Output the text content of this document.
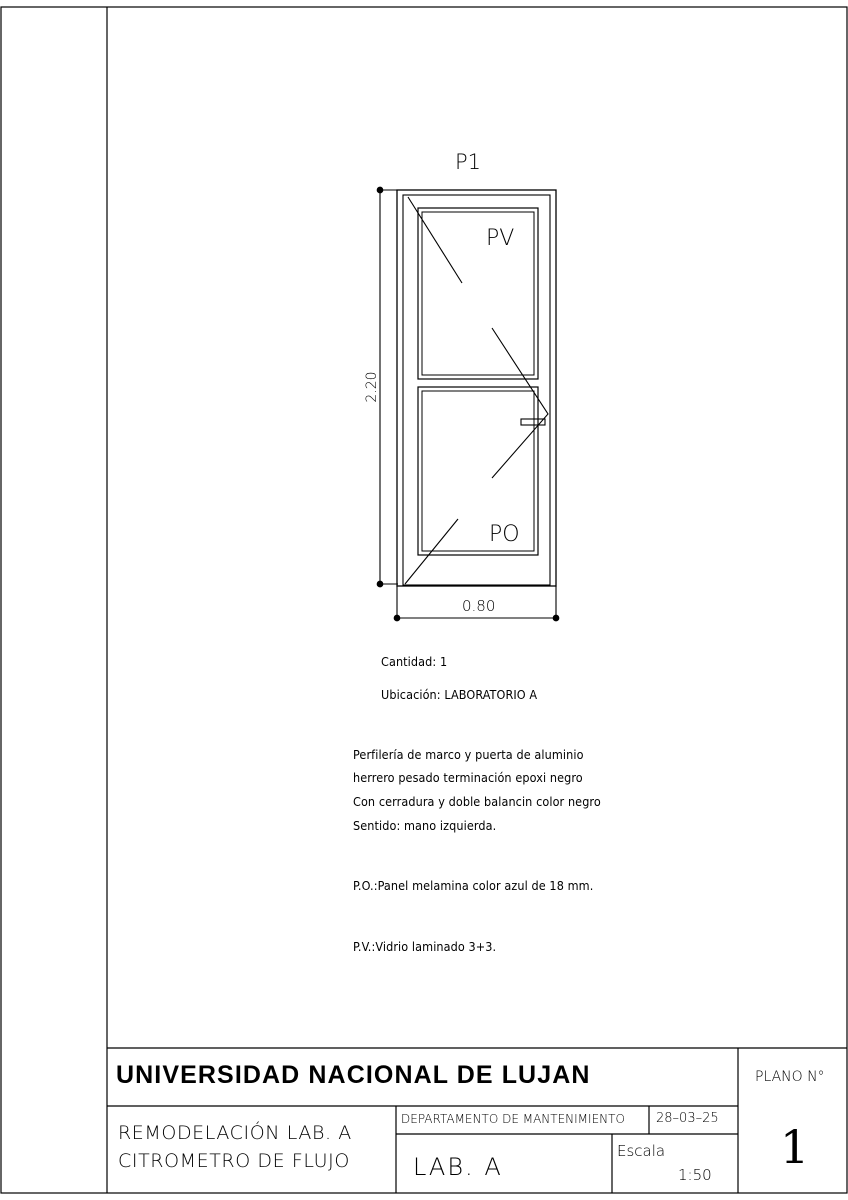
P1
PV
PO
2.20
0.80
Cantidad: 1
Ubicación: LABORATORIO A
Perfilería de marco y puerta de aluminio
herrero pesado terminación epoxi negro
Con cerradura y doble balancin color negro
Sentido: mano izquierda.
P.O.:Panel melamina color azul de 18 mm.
P.V.:Vidrio laminado 3+3.
UNIVERSIDAD NACIONAL DE LUJAN	PLANO N°
REMODELACIÓN LAB. A
CITROMETRO DE FLUJO
DEPARTAMENTO DE MANTENIMIENTO 28–03–25
LAB. A
Escala
1:50
1
